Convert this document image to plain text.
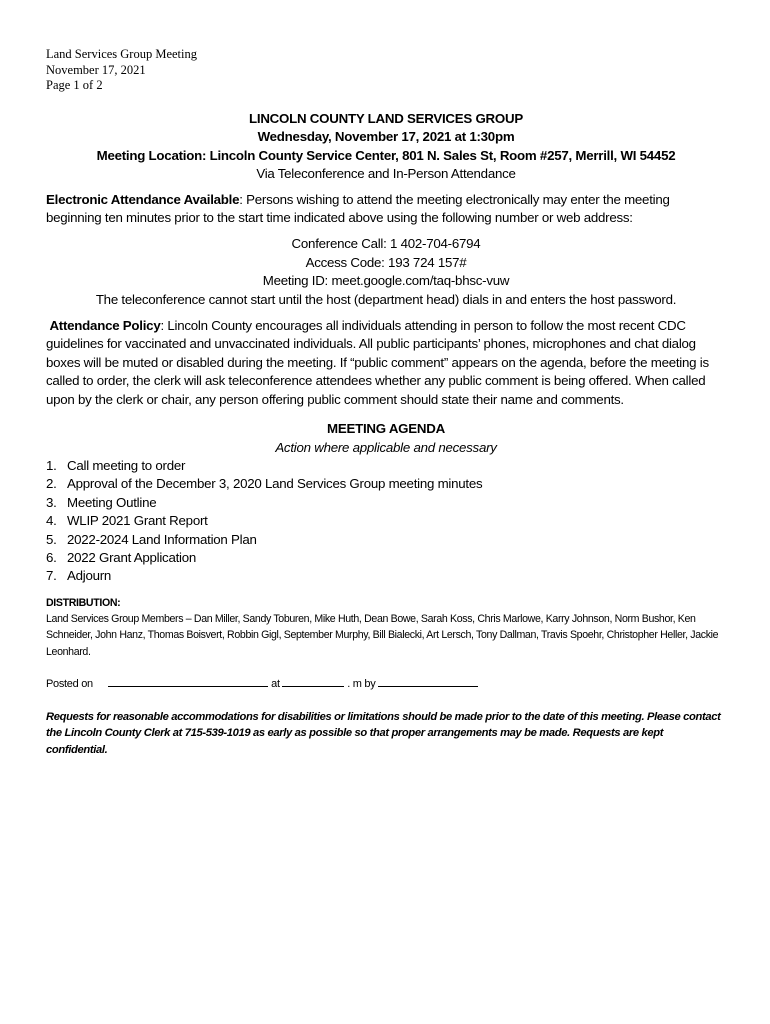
Land Services Group Meeting
November 17, 2021
Page 1 of 2
LINCOLN COUNTY LAND SERVICES GROUP
Wednesday, November 17, 2021 at 1:30pm
Meeting Location: Lincoln County Service Center, 801 N. Sales St, Room #257, Merrill, WI 54452
Via Teleconference and In-Person Attendance

Electronic Attendance Available: Persons wishing to attend the meeting electronically may enter the meeting beginning ten minutes prior to the start time indicated above using the following number or web address:

Conference Call: 1 402-704-6794
Access Code: 193 724 157#
Meeting ID: meet.google.com/taq-bhsc-vuw
The teleconference cannot start until the host (department head) dials in and enters the host password.

Attendance Policy: Lincoln County encourages all individuals attending in person to follow the most recent CDC guidelines for vaccinated and unvaccinated individuals. All public participants’ phones, microphones and chat dialog boxes will be muted or disabled during the meeting. If “public comment” appears on the agenda, before the meeting is called to order, the clerk will ask teleconference attendees whether any public comment is being offered. When called upon by the clerk or chair, any person offering public comment should state their name and comments.

MEETING AGENDA
Action where applicable and necessary
1. Call meeting to order
2. Approval of the December 3, 2020 Land Services Group meeting minutes
3. Meeting Outline
4. WLIP 2021 Grant Report
5. 2022-2024 Land Information Plan
6. 2022 Grant Application
7. Adjourn
DISTRIBUTION:
Land Services Group Members – Dan Miller, Sandy Toburen, Mike Huth, Dean Bowe, Sarah Koss, Chris Marlowe, Karry Johnson, Norm Bushor, Ken Schneider, John Hanz, Thomas Boisvert, Robbin Gigl, September Murphy, Bill Bialecki, Art Lersch, Tony Dallman, Travis Spoehr, Christopher Heller, Jackie Leonhard.
Posted on	at	. m by

Requests for reasonable accommodations for disabilities or limitations should be made prior to the date of this meeting. Please contact the Lincoln County Clerk at 715-539-1019 as early as possible so that proper arrangements may be made. Requests are kept confidential.
